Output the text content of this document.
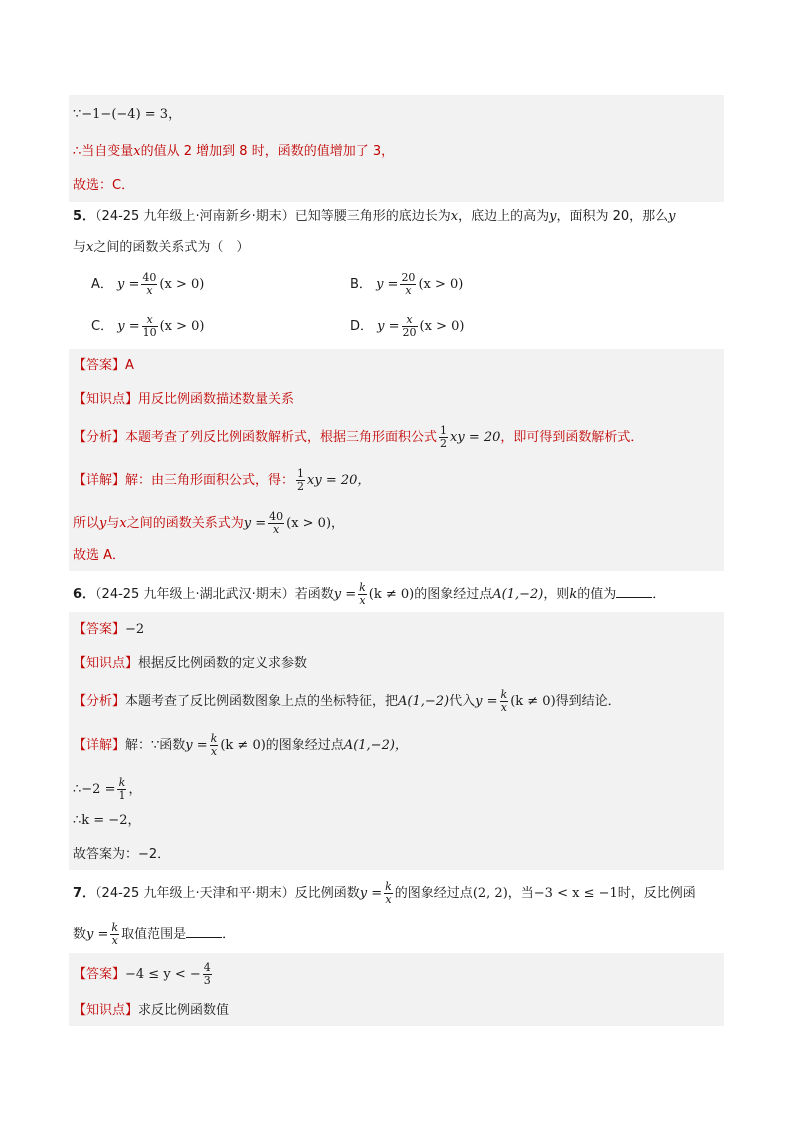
∵−1−(−4) = 3，
∴当自变量x的值从 2 增加到 8 时，函数的值增加了 3，
故选：C．
5．（24-25 九年级上·河南新乡·期末）已知等腰三角形的底边长为x，底边上的高为y，面积为 20，那么y
与x之间的函数关系式为（　）
A． $y = \frac{40}{x} (x > 0)$	B． $y = \frac{20}{x} (x > 0)$
C． $y = \frac{x}{10} (x > 0)$	D． $y = \frac{x}{20} (x > 0)$
【答案】A
【知识点】用反比例函数描述数量关系
【分析】本题考查了列反比例函数解析式，根据三角形面积公式 $\frac{1}{2}$ xy = 20，即可得到函数解析式．
【详解】解：由三角形面积公式，得： $\frac{1}{2}$ xy = 20，
所以y与x之间的函数关系式为$y = \frac{40}{x} (x > 0)$，
故选 A．
6．（24-25 九年级上·湖北武汉·期末）若函数$y = \frac{k}{x} (k \ne 0)$的图象经过点A(1,−2)，则k的值为	．
【答案】−2
【知识点】根据反比例函数的定义求参数
【分析】本题考查了反比例函数图象上点的坐标特征，把A(1,−2)代入$y = \frac{k}{x} (k \ne 0)$得到结论．
【详解】解：∵函数$y = \frac{k}{x} (k \ne 0)$的图象经过点A(1,−2)，
∴−2 = $\frac{k}{1}$ ，
∴k = −2，
故答案为：−2．
7．（24-25 九年级上·天津和平·期末）反比例函数$y = \frac{k}{x}$ 的图象经过点(2, 2)，当−3 < x ≤ −1时，反比例函
数$y = \frac{k}{x}$ 取值范围是	．
【答案】−4 ≤ y < − $\frac{4}{3}$
【知识点】求反比例函数值
